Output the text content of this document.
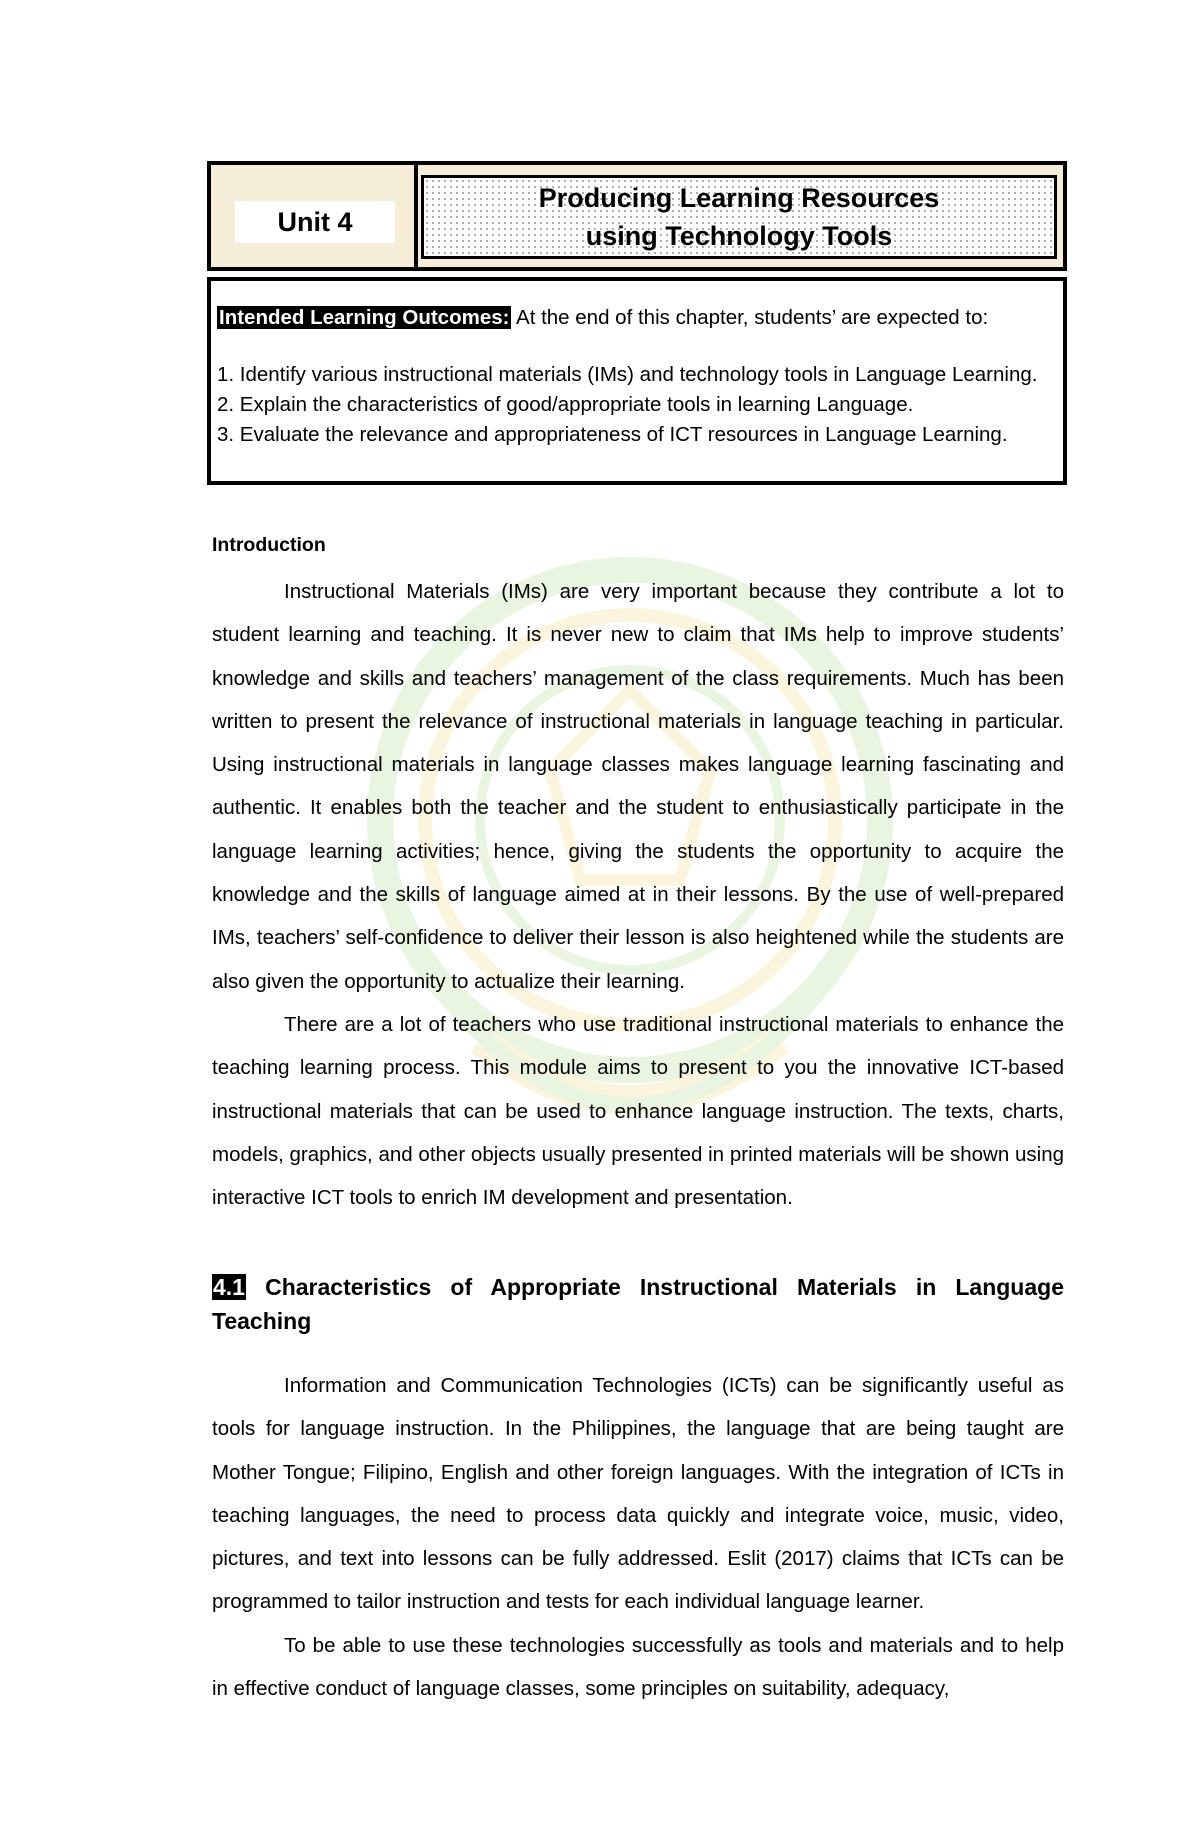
Unit 4
Producing Learning Resources using Technology Tools
Intended Learning Outcomes: At the end of this chapter, students’ are expected to:
1. Identify various instructional materials (IMs) and technology tools in Language Learning.
2. Explain the characteristics of good/appropriate tools in learning Language.
3. Evaluate the relevance and appropriateness of ICT resources in Language Learning.
Introduction

Instructional Materials (IMs) are very important because they contribute a lot to student learning and teaching. It is never new to claim that IMs help to improve students’ knowledge and skills and teachers’ management of the class requirements. Much has been written to present the relevance of instructional materials in language teaching in particular. Using instructional materials in language classes makes language learning fascinating and authentic. It enables both the teacher and the student to enthusiastically participate in the language learning activities; hence, giving the students the opportunity to acquire the knowledge and the skills of language aimed at in their lessons. By the use of well-prepared IMs, teachers’ self-confidence to deliver their lesson is also heightened while the students are also given the opportunity to actualize their learning.

There are a lot of teachers who use traditional instructional materials to enhance the teaching learning process. This module aims to present to you the innovative ICT-based instructional materials that can be used to enhance language instruction. The texts, charts, models, graphics, and other objects usually presented in printed materials will be shown using interactive ICT tools to enrich IM development and presentation.

4.1 Characteristics of Appropriate Instructional Materials in Language Teaching

Information and Communication Technologies (ICTs) can be significantly useful as tools for language instruction. In the Philippines, the language that are being taught are Mother Tongue; Filipino, English and other foreign languages. With the integration of ICTs in teaching languages, the need to process data quickly and integrate voice, music, video, pictures, and text into lessons can be fully addressed. Eslit (2017) claims that ICTs can be programmed to tailor instruction and tests for each individual language learner.

To be able to use these technologies successfully as tools and materials and to help in effective conduct of language classes, some principles on suitability, adequacy,
